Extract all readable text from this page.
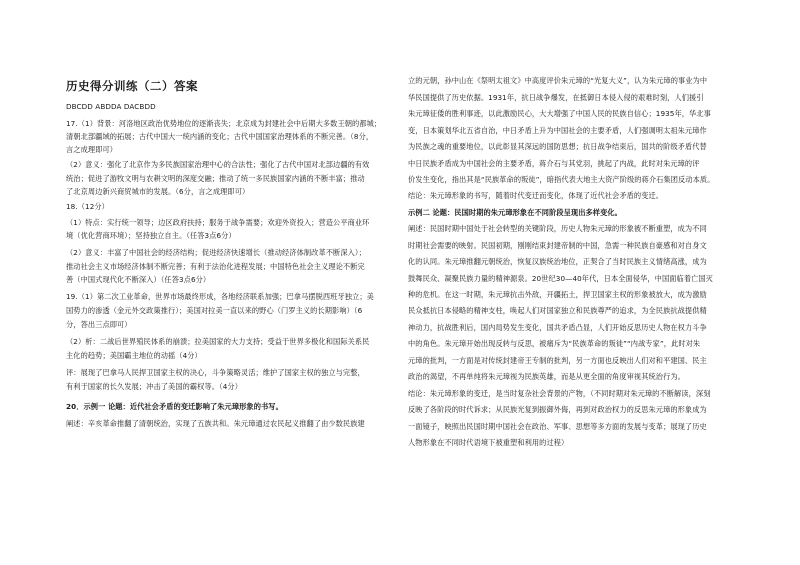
历史得分训练（二）答案
DBCDD ABDDA DACBDD
17.（1）背景：河洛地区政治优势地位的逐渐丧失；北京成为封建社会中后期大多数王朝的都城；
清朝北部疆域的拓展；古代中国大一统内涵的变化；古代中国国家治理体系的不断完善。（8分，
言之成理即可）
（2）意义：强化了北京作为多民族国家治理中心的合法性；强化了古代中国对北部边疆的有效
统治；促进了游牧文明与农耕文明的深度交融；推动了统一多民族国家内涵的不断丰富；推动
了北京周边新兴商贸城市的发展。（6分，言之成理即可）
18.（12分）
（1）特点：实行统一领导；边区政府扶持；服务于战争需要；欢迎外资投入；营造公平商业环
境（优化营商环境）；坚持独立自主。（任答3点6分）
（2）意义：丰富了中国社会的经济结构；促进经济快速增长（推动经济体制改革不断深入）；
推动社会主义市场经济体制不断完善；有利于法治化进程发展；中国特色社会主义理论不断完
善（中国式现代化不断深入）（任答3点6分）
19.（1）第二次工业革命，世界市场最终形成，各地经济联系加强；巴拿马摆脱西班牙独立；美
国势力的渗透（金元外交政策推行）；美国对拉美一直以来的野心（门罗主义的长期影响）（6
分，答出三点即可）
（2）析：二战后世界殖民体系的崩溃；拉美国家的大力支持；受益于世界多极化和国际关系民
主化的趋势；美国霸主地位的动摇（4分）
评：展现了巴拿马人民捍卫国家主权的决心，斗争策略灵活；维护了国家主权的独立与完整，
有利于国家的长久发展；冲击了美国的霸权等。（4分）
20．示例一 论题：近代社会矛盾的变迁影响了朱元璋形象的书写。
阐述：辛亥革命推翻了清朝统治，实现了五族共和。朱元璋通过农民起义推翻了由少数民族建
立的元朝，孙中山在《祭明太祖文》中高度评价朱元璋的“光复大义”，认为朱元璋的事业为中
华民国提供了历史依据。1931年，抗日战争爆发，在抵御日本侵入侵的艰难时刻，人们援引
朱元璋征倭的胜利事迹，以此激励民心，大大增强了中国人民的民族自信心；1935年，华北事
变，日本策划华北五省自治，中日矛盾上升为中国社会的主要矛盾，人们强调明太祖朱元璋作
为民族之魂的重要地位，以此彰显其深远的国防思想；抗日战争结束后，国共的阶级矛盾代替
中日民族矛盾成为中国社会的主要矛盾，蒋介石与其党羽，挑起了内战，此时对朱元璋的评
价发生变化，指出其是“民族革命的叛徒”，暗指代表大地主大资产阶级的蒋介石集团反动本质。
结论：朱元璋形象的书写，随着时代变迁而变化，体现了近代社会矛盾的变迁。
示例二 论题：民国时期的朱元璋形象在不同阶段呈现出多样变化。
阐述：民国时期中国处于社会转型的关键阶段，历史人物朱元璋的形象被不断重塑，成为不同
时期社会需要的映射。民国初期，刚刚结束封建帝制的中国，急需一种民族自豪感和对自身文
化的认同。朱元璋推翻元朝统治，恢复汉族统治地位，正契合了当时民族主义情绪高涨，成为
鼓舞民众、凝聚民族力量的精神源泉。20世纪30—40年代，日本全面侵华，中国面临着亡国灭
种的危机。在这一时期，朱元璋抗击外敌，开疆拓土，捍卫国家主权的形象被放大，成为激励
民众抵抗日本侵略的精神支柱，唤起人们对国家独立和民族尊严的追求，为全民族抗战提供精
神动力，抗战胜利后，国内局势发生变化，国共矛盾凸显，人们开始反思历史人物在权力斗争
中的角色。朱元璋开始出现反转与反思，被痛斥为“民族革命的叛徒”“内战专家”，此时对朱
元璋的批判，一方面是对传统封建帝王专制的批判，另一方面也反映出人们对和平建国、民主
政治的渴望，不再单纯将朱元璋视为民族英雄，而是从更全面的角度审视其统治行为。
结论：朱元璋形象的变迁，是当时复杂社会背景的产物，（不同时期对朱元璋的不断解读，深刻
反映了各阶段的时代诉求；从民族光复到振御外侮，再到对政治权力的反思朱元璋的形象成为
一面镜子，映照出民国时期中国社会在政治、军事、思想等多方面的发展与变革；展现了历史
人物形象在不同时代语境下被重塑和利用的过程）
